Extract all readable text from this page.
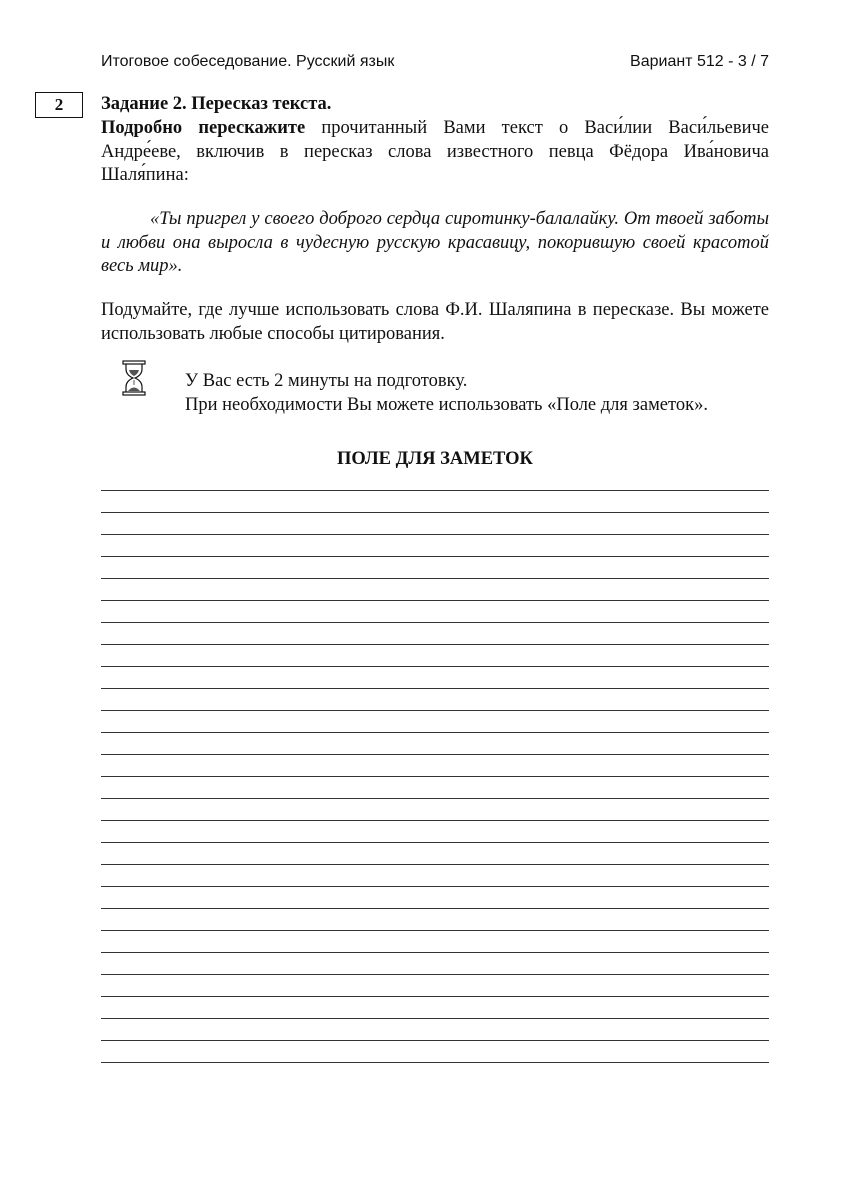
Итоговое собеседование. Русский язык	Вариант 512 - 3 / 7
2	Задание 2. Пересказ текста.
Подробно перескажите прочитанный Вами текст о Васи́лии Васи́льевиче Андре́еве, включив в пересказ слова известного певца Фёдора Ива́новича Шаля́пина:
«Ты пригрел у своего доброго сердца сиротинку-балалайку. От твоей заботы и любви она выросла в чудесную русскую красавицу, покорившую своей красотой весь мир».
Подумайте, где лучше использовать слова Ф.И. Шаляпина в пересказе. Вы можете использовать любые способы цитирования.
У Вас есть 2 минуты на подготовку.
При необходимости Вы можете использовать «Поле для заметок».
ПОЛЕ ДЛЯ ЗАМЕТОК
